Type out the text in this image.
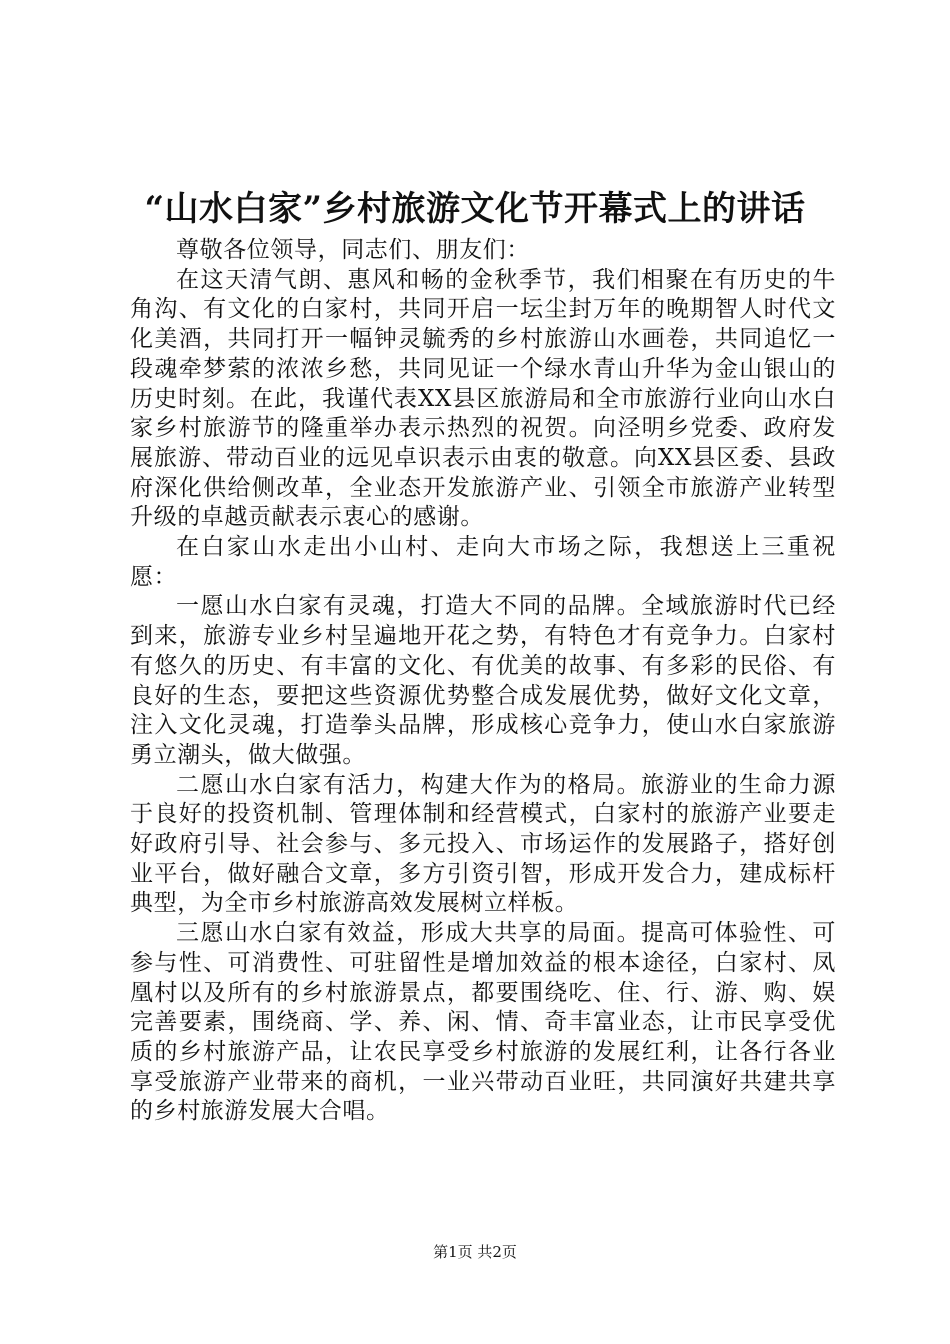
“山水白家”乡村旅游文化节开幕式上的讲话

尊敬各位领导，同志们、朋友们：

在这天清气朗、惠风和畅的金秋季节，我们相聚在有历史的牛角沟、有文化的白家村，共同开启一坛尘封万年的晚期智人时代文化美酒，共同打开一幅钟灵毓秀的乡村旅游山水画卷，共同追忆一段魂牵梦萦的浓浓乡愁，共同见证一个绿水青山升华为金山银山的历史时刻。在此，我谨代表XX县区旅游局和全市旅游行业向山水白家乡村旅游节的隆重举办表示热烈的祝贺。向泾明乡党委、政府发展旅游、带动百业的远见卓识表示由衷的敬意。向XX县区委、县政府深化供给侧改革，全业态开发旅游产业、引领全市旅游产业转型升级的卓越贡献表示衷心的感谢。

在白家山水走出小山村、走向大市场之际，我想送上三重祝愿：

一愿山水白家有灵魂，打造大不同的品牌。全域旅游时代已经到来，旅游专业乡村呈遍地开花之势，有特色才有竞争力。白家村有悠久的历史、有丰富的文化、有优美的故事、有多彩的民俗、有良好的生态，要把这些资源优势整合成发展优势，做好文化文章，注入文化灵魂，打造拳头品牌，形成核心竞争力，使山水白家旅游勇立潮头，做大做强。

二愿山水白家有活力，构建大作为的格局。旅游业的生命力源于良好的投资机制、管理体制和经营模式，白家村的旅游产业要走好政府引导、社会参与、多元投入、市场运作的发展路子，搭好创业平台，做好融合文章，多方引资引智，形成开发合力，建成标杆典型，为全市乡村旅游高效发展树立样板。

三愿山水白家有效益，形成大共享的局面。提高可体验性、可参与性、可消费性、可驻留性是增加效益的根本途径，白家村、凤凰村以及所有的乡村旅游景点，都要围绕吃、住、行、游、购、娱完善要素，围绕商、学、养、闲、情、奇丰富业态，让市民享受优质的乡村旅游产品，让农民享受乡村旅游的发展红利，让各行各业享受旅游产业带来的商机，一业兴带动百业旺，共同演好共建共享的乡村旅游发展大合唱。

第1页 共2页
